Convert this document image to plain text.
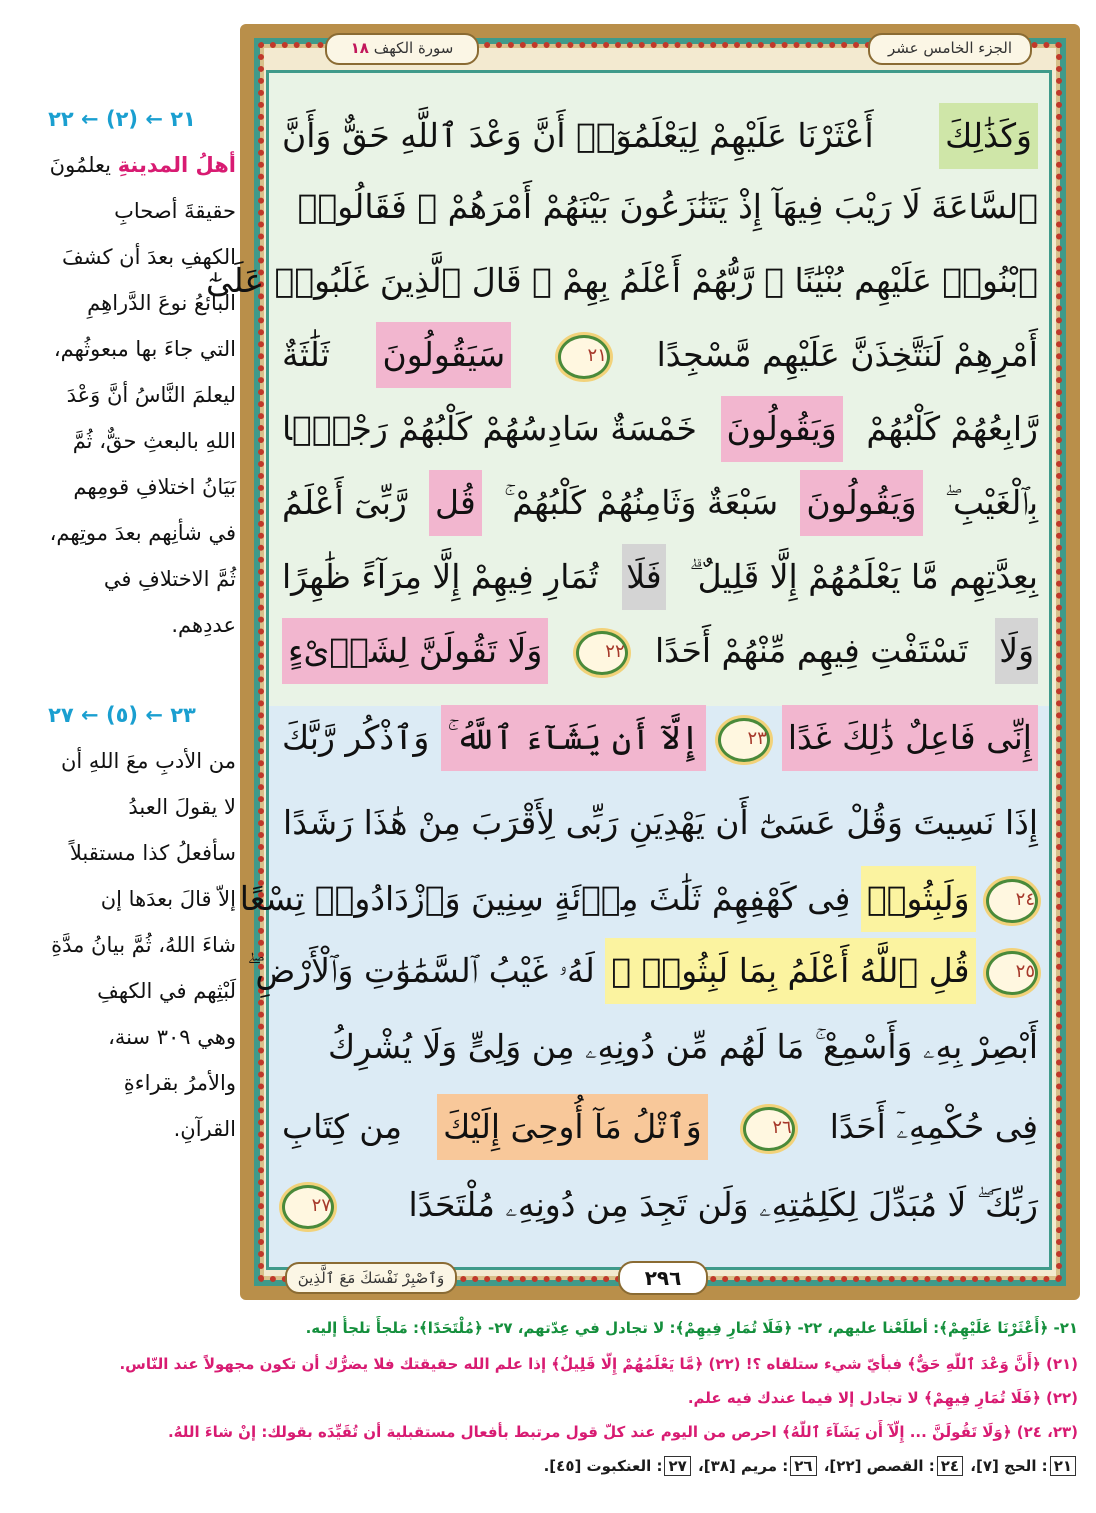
الجزء الخامس عشر
سورة الكهف ١٨
وَكَذَٰلِكَ أَعْثَرْنَا عَلَيْهِمْ لِيَعْلَمُوٓا۟ أَنَّ وَعْدَ ٱللَّهِ حَقٌّ وَأَنَّ
ٱلسَّاعَةَ لَا رَيْبَ فِيهَآ إِذْ يَتَنَٰزَعُونَ بَيْنَهُمْ أَمْرَهُمْ ۖ فَقَالُوا۟
ٱبْنُوا۟ عَلَيْهِم بُنْيَٰنًا ۖ رَّبُّهُمْ أَعْلَمُ بِهِمْ ۚ قَالَ ٱلَّذِينَ غَلَبُوا۟ عَلَىٰٓ
أَمْرِهِمْ لَنَتَّخِذَنَّ عَلَيْهِم مَّسْجِدًا ٢١ سَيَقُولُونَ ثَلَٰثَةٌ
رَّابِعُهُمْ كَلْبُهُمْ وَيَقُولُونَ خَمْسَةٌ سَادِسُهُمْ كَلْبُهُمْ رَجْمًۢا
بِٱلْغَيْبِ ۖ وَيَقُولُونَ سَبْعَةٌ وَثَامِنُهُمْ كَلْبُهُمْ ۚ قُل رَّبِّىٓ أَعْلَمُ
بِعِدَّتِهِم مَّا يَعْلَمُهُمْ إِلَّا قَلِيلٌ ۗ فَلَا تُمَارِ فِيهِمْ إِلَّا مِرَآءً ظَٰهِرًا
وَلَا تَسْتَفْتِ فِيهِم مِّنْهُمْ أَحَدًا ٢٢ وَلَا تَقُولَنَّ لِشَا۟ىْءٍ
إِنِّى فَاعِلٌ ذَٰلِكَ غَدًا ٢٣ إِلَّآ أَن يَشَآءَ ٱللَّهُ ۚ وَٱذْكُر رَّبَّكَ
إِذَا نَسِيتَ وَقُلْ عَسَىٰٓ أَن يَهْدِيَنِ رَبِّى لِأَقْرَبَ مِنْ هَٰذَا رَشَدًا
٢٤ وَلَبِثُوا۟ فِى كَهْفِهِمْ ثَلَٰثَ مِا۟ئَةٍ سِنِينَ وَٱزْدَادُوا۟ تِسْعًا
٢٥ قُلِ ٱللَّهُ أَعْلَمُ بِمَا لَبِثُوا۟ ۖ لَهُۥ غَيْبُ ٱلسَّمَٰوَٰتِ وَٱلْأَرْضِ ۖ
أَبْصِرْ بِهِۦ وَأَسْمِعْ ۚ مَا لَهُم مِّن دُونِهِۦ مِن وَلِىٍّ وَلَا يُشْرِكُ
فِى حُكْمِهِۦٓ أَحَدًا ٢٦ وَٱتْلُ مَآ أُوحِىَ إِلَيْكَ مِن كِتَابِ
رَبِّكَ ۖ لَا مُبَدِّلَ لِكَلِمَٰتِهِۦ وَلَن تَجِدَ مِن دُونِهِۦ مُلْتَحَدًا ٢٧
٢٩٦
وَٱصْبِرْ نَفْسَكَ مَعَ ٱلَّذِينَ
٢١ ← (٢) ← ٢٢
أهلُ المدينةِ يعلمُونَ
حقيقةَ أصحابِ
الكهفِ بعدَ أن كشفَ
البائعُ نوعَ الدَّراهِمِ
التي جاءَ بها مبعوثُهم،
ليعلمَ النَّاسُ أنَّ وَعْدَ
اللهِ بالبعثِ حقٌّ، ثُمَّ
بَيَانُ اختلافِ قومِهم
في شأنِهم بعدَ موتِهم،
ثُمَّ الاختلافِ في
عددِهم.
٢٣ ← (٥) ← ٢٧
من الأدبِ معَ اللهِ أن
لا يقولَ العبدُ
سأفعلُ كذا مستقبلاً
إلاّ قالَ بعدَها إن
شاءَ اللهُ، ثُمَّ بيانُ مدَّةِ
لَبْثِهم في الكهفِ
وهي ٣٠٩ سنة،
والأمرُ بقراءةِ
القرآنِ.
٢١- ﴿أَعْثَرْنَا عَلَيْهِمْ﴾: أطلَعْنا عليهم، ٢٢- ﴿فَلَا تُمَارِ فِيهِمْ﴾: لا تجادل في عِدّتهم، ٢٧- ﴿مُلْتَحَدًا﴾: مَلجأً تلجأُ إليه.
(٢١) ﴿أَنَّ وَعْدَ ٱللَّهِ حَقٌّ﴾ فبأيّ شيء ستلقاه ؟! (٢٢) ﴿مَّا يَعْلَمُهُمْ إِلَّا قَلِيلٌ﴾ إذا علم الله حقيقتك فلا يضرُّك أن تكون مجهولاً عند النّاس.
(٢٢) ﴿فَلَا تُمَارِ فِيهِمْ﴾ لا تجادل إلا فيما عندك فيه علم.
(٢٣، ٢٤) ﴿وَلَا تَقُولَنَّ ... إِلَّآ أَن يَشَآءَ ٱللَّهُ﴾ احرص من اليوم عند كلّ قول مرتبط بأفعال مستقبلية أن تُقَيِّدَه بقولك: إنْ شاءَ اللهُ.
٢١: الحج [٧]، ٢٤: القصص [٢٢]، ٢٦: مريم [٣٨]، ٢٧: العنكبوت [٤٥].
